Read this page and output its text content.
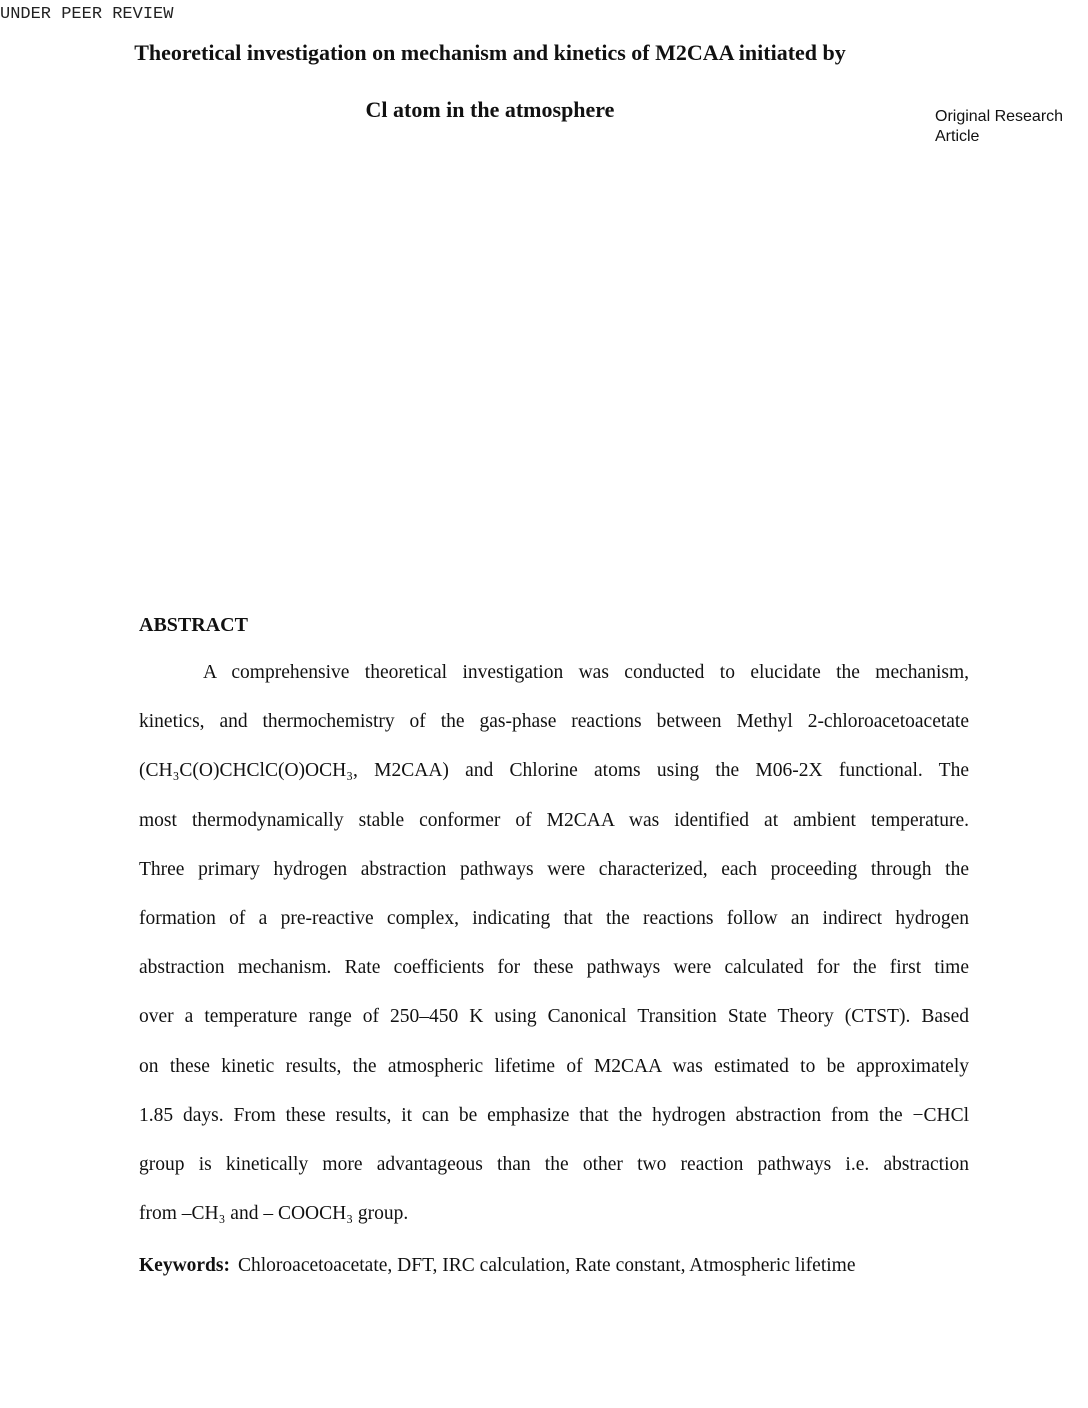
UNDER PEER REVIEW
Theoretical investigation on mechanism and kinetics of M2CAA initiated by
Cl atom in the atmosphere	Original Research
Article
ABSTRACT
A comprehensive theoretical investigation was conducted to elucidate the mechanism,
kinetics, and thermochemistry of the gas-phase reactions between Methyl 2-chloroacetoacetate
(CH₃C(O)CHClC(O)OCH₃, M2CAA) and Chlorine atoms using the M06-2X functional. The
most thermodynamically stable conformer of M2CAA was identified at ambient temperature.
Three primary hydrogen abstraction pathways were characterized, each proceeding through the
formation of a pre-reactive complex, indicating that the reactions follow an indirect hydrogen
abstraction mechanism. Rate coefficients for these pathways were calculated for the first time
over a temperature range of 250–450 K using Canonical Transition State Theory (CTST). Based
on these kinetic results, the atmospheric lifetime of M2CAA was estimated to be approximately
1.85 days. From these results, it can be emphasize that the hydrogen abstraction from the −CHCl
group is kinetically more advantageous than the other two reaction pathways i.e. abstraction
from –CH₃ and – COOCH₃ group.
Keywords: Chloroacetoacetate, DFT, IRC calculation, Rate constant, Atmospheric lifetime
